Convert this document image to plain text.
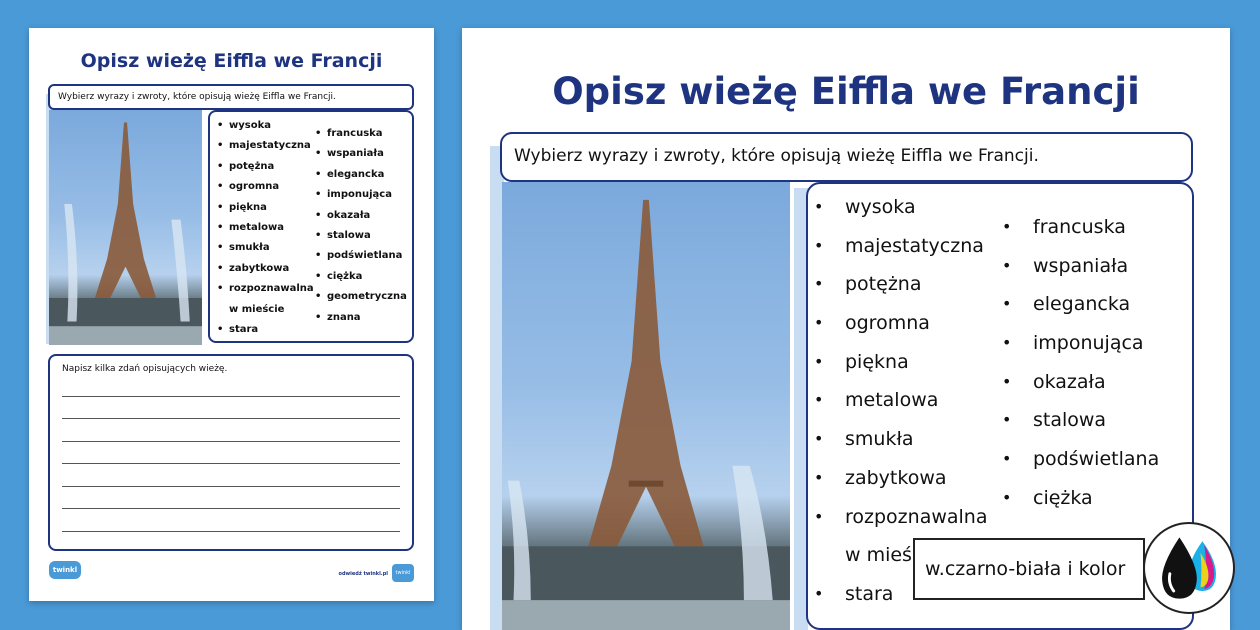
Opisz wieżę Eiffla we Francji
Wybierz wyrazy i zwroty, które opisują wieżę Eiffla we Francji.
• wysoka
• majestatyczna
• potężna
• ogromna
• piękna
• metalowa
• smukła
• zabytkowa
• rozpoznawalna
w mieście
• stara
• francuska
• wspaniała
• elegancka
• imponująca
• okazała
• stalowa
• podświetlana
• ciężka
• geometryczna
• znana
Napisz kilka zdań opisujących wieżę.
twinkl	odwiedź twinkl.pl	twinkl
Opisz wieżę Eiffla we Francji
Wybierz wyrazy i zwroty, które opisują wieżę Eiffla we Francji.
• wysoka
• majestatyczna
• potężna
• ogromna
• piękna
• metalowa
• smukła
• zabytkowa
• rozpoznawalna
w mieś
• stara
• francuska
• wspaniała
• elegancka
• imponująca
• okazała
• stalowa
• podświetlana
• ciężka
w.czarno-biała i kolor
